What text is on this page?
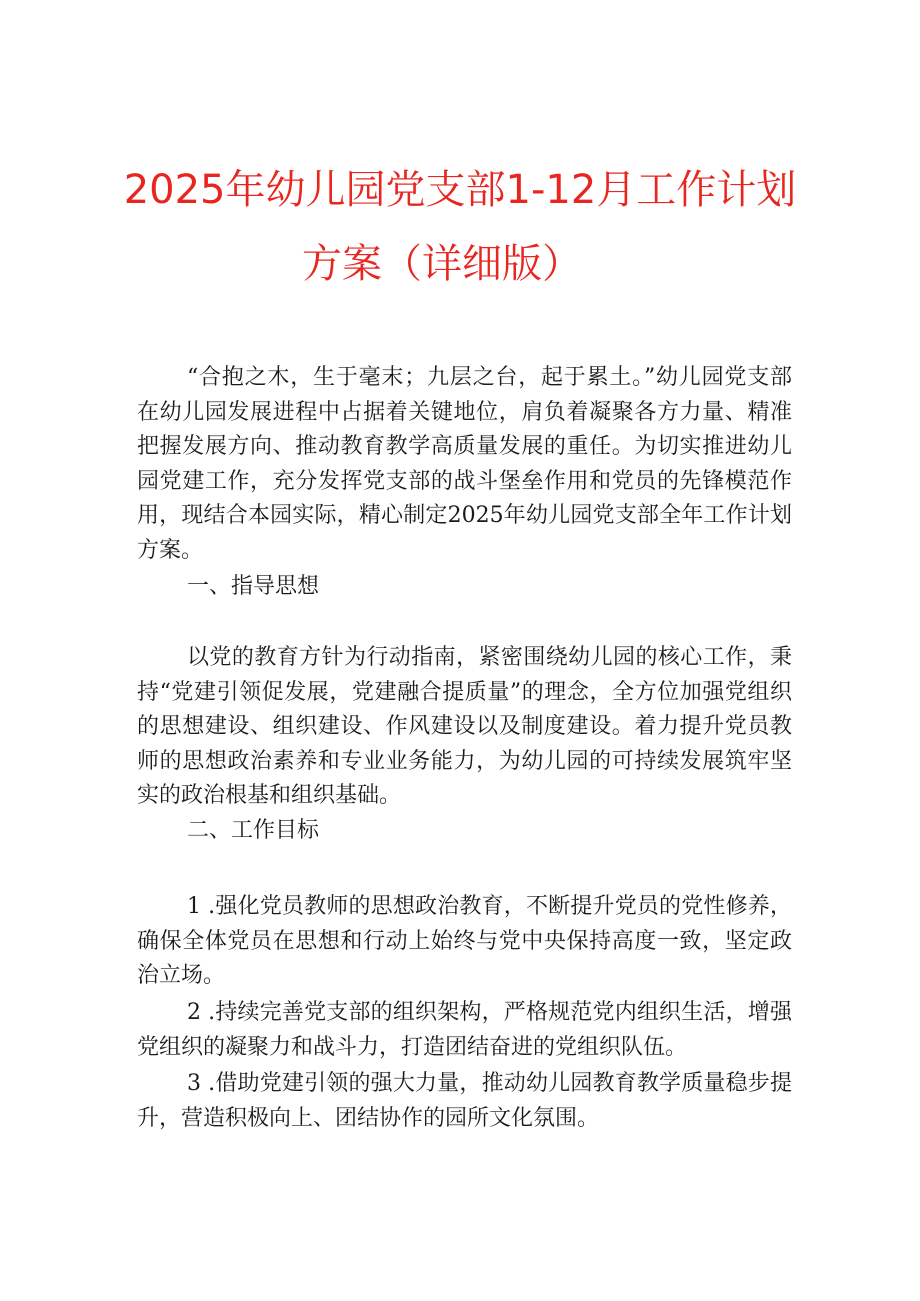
2025年幼儿园党支部1-12月工作计划
方案（详细版）

“合抱之木，生于毫末；九层之台，起于累土。”幼儿园党支部在幼儿园发展进程中占据着关键地位，肩负着凝聚各方力量、精准把握发展方向、推动教育教学高质量发展的重任。为切实推进幼儿园党建工作，充分发挥党支部的战斗堡垒作用和党员的先锋模范作用，现结合本园实际，精心制定2025年幼儿园党支部全年工作计划方案。

一、指导思想

以党的教育方针为行动指南，紧密围绕幼儿园的核心工作，秉持“党建引领促发展，党建融合提质量”的理念，全方位加强党组织的思想建设、组织建设、作风建设以及制度建设。着力提升党员教师的思想政治素养和专业业务能力，为幼儿园的可持续发展筑牢坚实的政治根基和组织基础。

二、工作目标

1 .强化党员教师的思想政治教育，不断提升党员的党性修养，确保全体党员在思想和行动上始终与党中央保持高度一致，坚定政治立场。

2 .持续完善党支部的组织架构，严格规范党内组织生活，增强党组织的凝聚力和战斗力，打造团结奋进的党组织队伍。

3 .借助党建引领的强大力量，推动幼儿园教育教学质量稳步提升，营造积极向上、团结协作的园所文化氛围。
